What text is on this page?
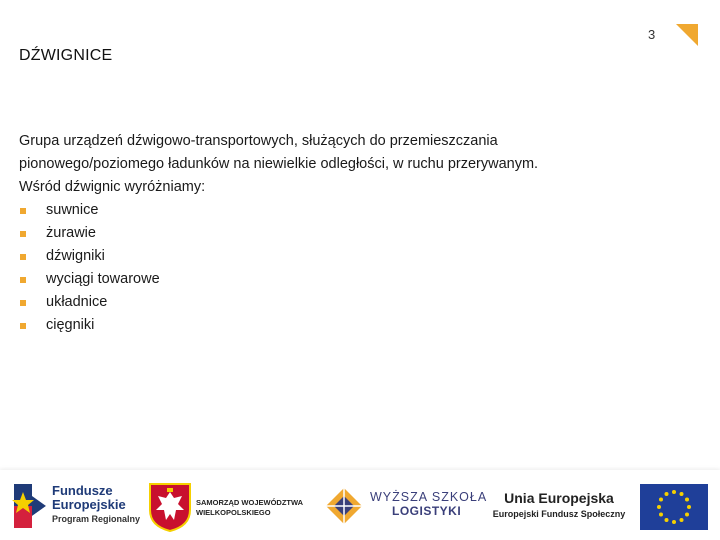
3
DŹWIGNICE

Grupa urządzeń dźwigowo-transportowych, służących do przemieszczania

pionowego/poziomego ładunków na niewielkie odległości, w ruchu przerywanym.

Wśród dźwignic wyróżniamy:

suwnice
żurawie
dźwigniki
wyciągi towarowe
układnice
cięgniki
Fundusze
Europejskie
Program Regionalny
SAMORZĄD WOJEWÓDZTWA
WIELKOPOLSKIEGO
WYŻSZA SZKOŁA
LOGISTYKI
Unia Europejska
Europejski Fundusz Społeczny
